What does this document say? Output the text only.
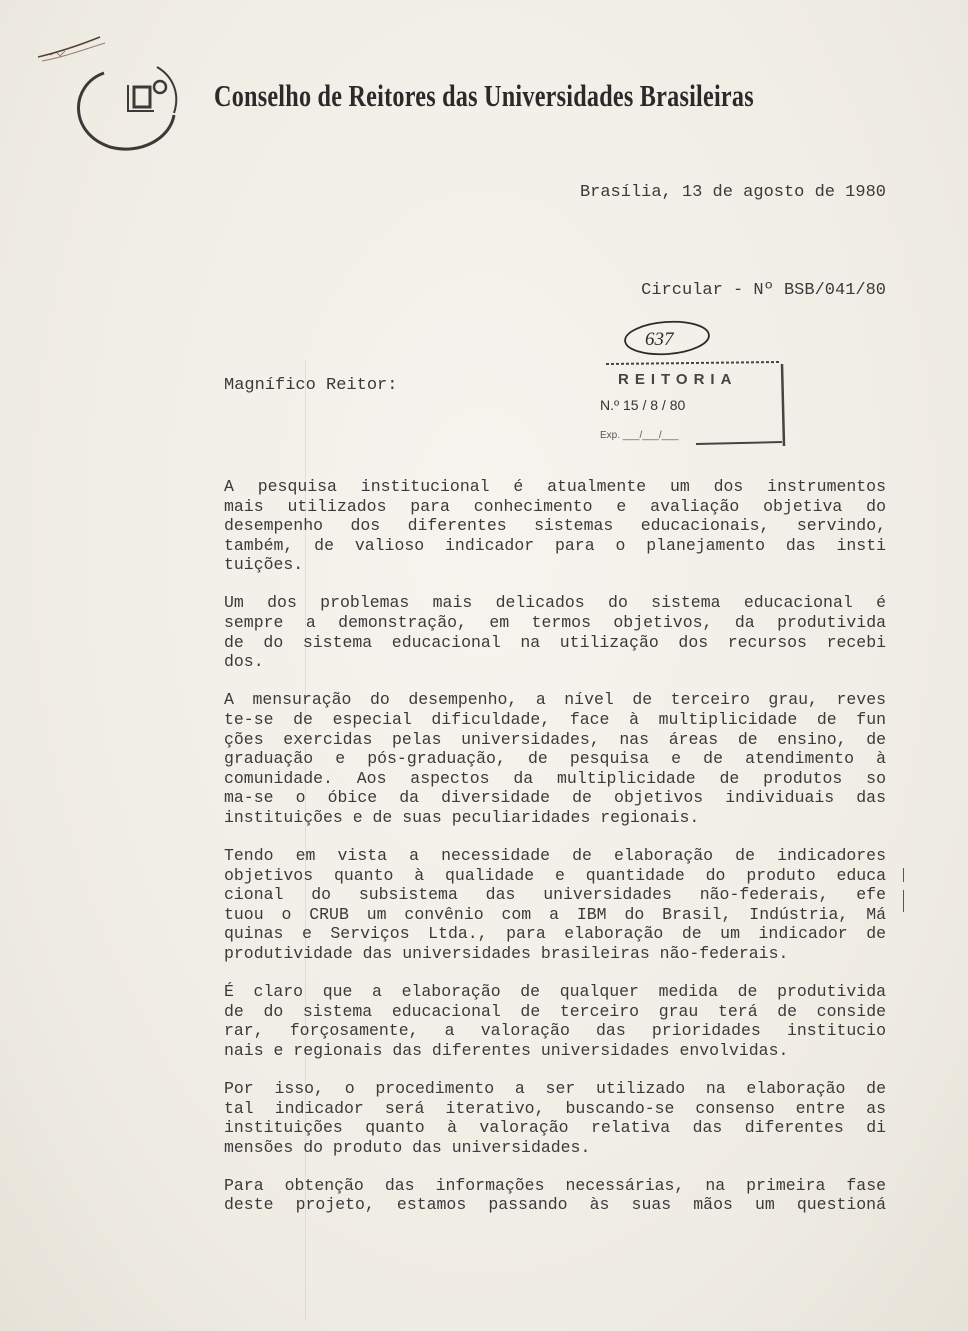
Conselho de Reitores das Universidades Brasileiras
Brasília, 13 de agosto de 1980
Circular - Nº BSB/041/80
637
REITORIA
N.º 15 / 8 / 80
Exp. ___/___/___
Magnífico Reitor:
A pesquisa institucional é atualmente um dos instrumentos
mais utilizados para conhecimento e avaliação objetiva do
desempenho dos diferentes sistemas educacionais, servindo,
também, de valioso indicador para o planejamento das insti
tuições.
Um dos problemas mais delicados do sistema educacional é
sempre a demonstração, em termos objetivos, da produtivida
de do sistema educacional na utilização dos recursos recebi
dos.
A mensuração do desempenho, a nível de terceiro grau, reves
te-se de especial dificuldade, face à multiplicidade de fun
ções exercidas pelas universidades, nas áreas de ensino, de
graduação e pós-graduação, de pesquisa e de atendimento à
comunidade. Aos aspectos da multiplicidade de produtos so
ma-se o óbice da diversidade de objetivos individuais das
instituições e de suas peculiaridades regionais.
Tendo em vista a necessidade de elaboração de indicadores
objetivos quanto à qualidade e quantidade do produto educa
cional do subsistema das universidades não-federais, efe
tuou o CRUB um convênio com a IBM do Brasil, Indústria, Má
quinas e Serviços Ltda., para elaboração de um indicador de
produtividade das universidades brasileiras não-federais.
É claro que a elaboração de qualquer medida de produtivida
de do sistema educacional de terceiro grau terá de conside
rar, forçosamente, a valoração das prioridades institucio
nais e regionais das diferentes universidades envolvidas.
Por isso, o procedimento a ser utilizado na elaboração de
tal indicador será iterativo, buscando-se consenso entre as
instituições quanto à valoração relativa das diferentes di
mensões do produto das universidades.
Para obtenção das informações necessárias, na primeira fase
deste projeto, estamos passando às suas mãos um questioná
